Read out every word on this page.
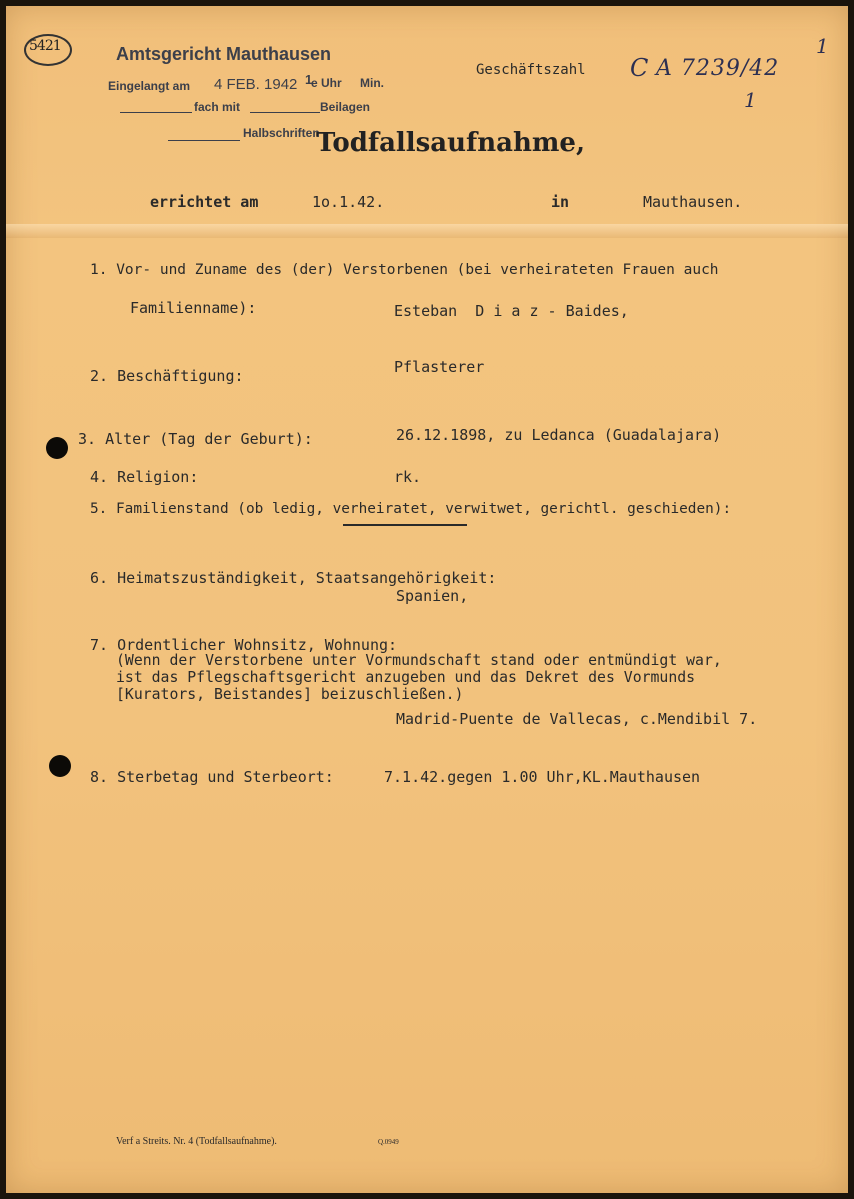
5421	Amtsgericht Mauthausen
Eingelangt am 4 FEB. 1942 1
e Uhr Min.
fach mit	Beilagen
Halbschriften
Geschäftszahl C A 7239/42
1
1
Todfallsaufnahme,
errichtet am	1o.1.42.	in	Mauthausen.
1. Vor- und Zuname des (der) Verstorbenen (bei verheirateten Frauen auch
Familienname):	Esteban  D i a z - Baides,
2. Beschäftigung:	Pflasterer
3. Alter (Tag der Geburt):	26.12.1898, zu Ledanca (Guadalajara)
4. Religion:	rk.
5. Familienstand (ob ledig, verheiratet, verwitwet, gerichtl. geschieden):
6. Heimatszuständigkeit, Staatsangehörigkeit:
Spanien,
7. Ordentlicher Wohnsitz, Wohnung:
(Wenn der Verstorbene unter Vormundschaft stand oder entmündigt war,
ist das Pflegschaftsgericht anzugeben und das Dekret des Vormunds
[Kurators, Beistandes] beizuschließen.)
Madrid-Puente de Vallecas, c.Mendibil 7.
8. Sterbetag und Sterbeort:	7.1.42.gegen 1.00 Uhr,KL.Mauthausen
Verf a Streits. Nr. 4 (Todfallsaufnahme).	Q.0949
